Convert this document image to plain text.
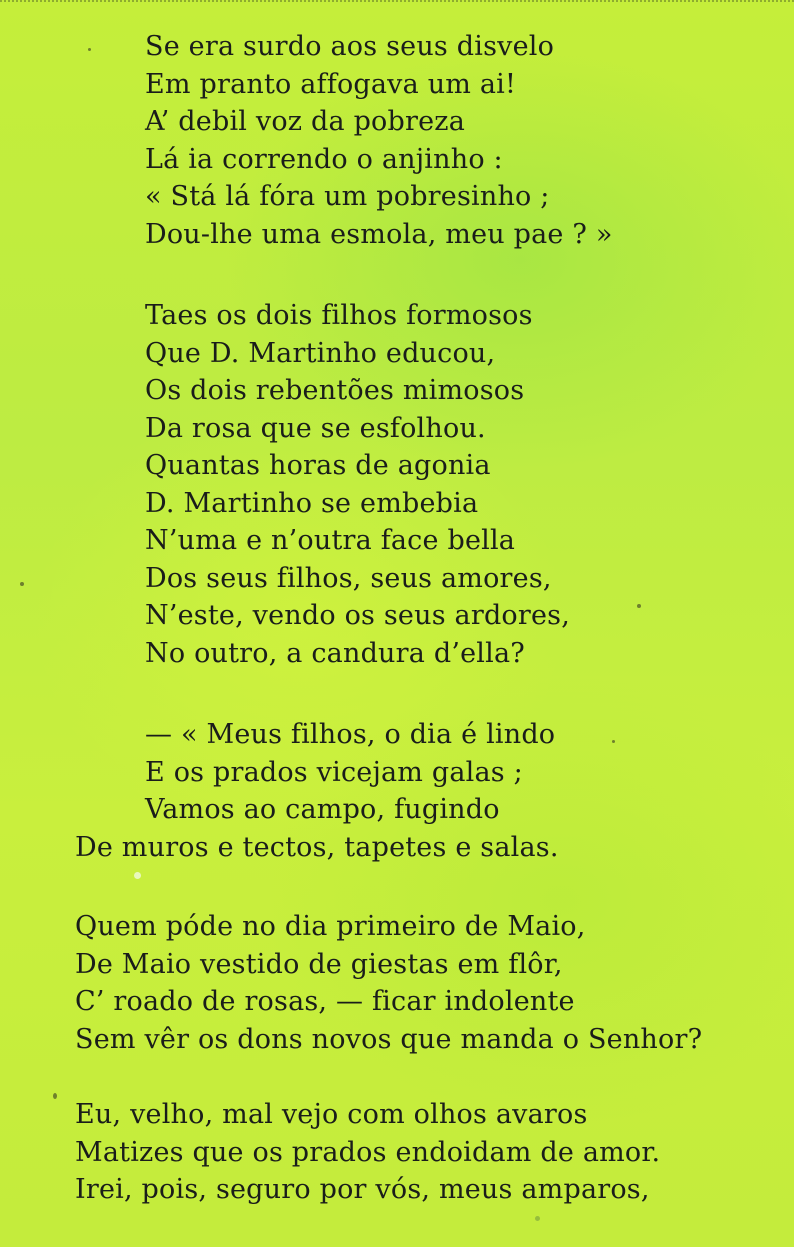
Se era surdo aos seus disvelo
Em pranto affogava um ai!
A’ debil voz da pobreza
Lá ia correndo o anjinho :
« Stá lá fóra um pobresinho ;
Dou-lhe uma esmola, meu pae ? »
Taes os dois filhos formosos
Que D. Martinho educou,
Os dois rebentões mimosos
Da rosa que se esfolhou.
Quantas horas de agonia
D. Martinho se embebia
N’uma e n’outra face bella
Dos seus filhos, seus amores,
N’este, vendo os seus ardores,
No outro, a candura d’ella?
— « Meus filhos, o dia é lindo
E os prados vicejam galas ;
Vamos ao campo, fugindo
De muros e tectos, tapetes e salas.
Quem póde no dia primeiro de Maio,
De Maio vestido de giestas em flôr,
C’ roado de rosas, — ficar indolente
Sem vêr os dons novos que manda o Senhor?
Eu, velho, mal vejo com olhos avaros
Matizes que os prados endoidam de amor.
Irei, pois, seguro por vós, meus amparos,
